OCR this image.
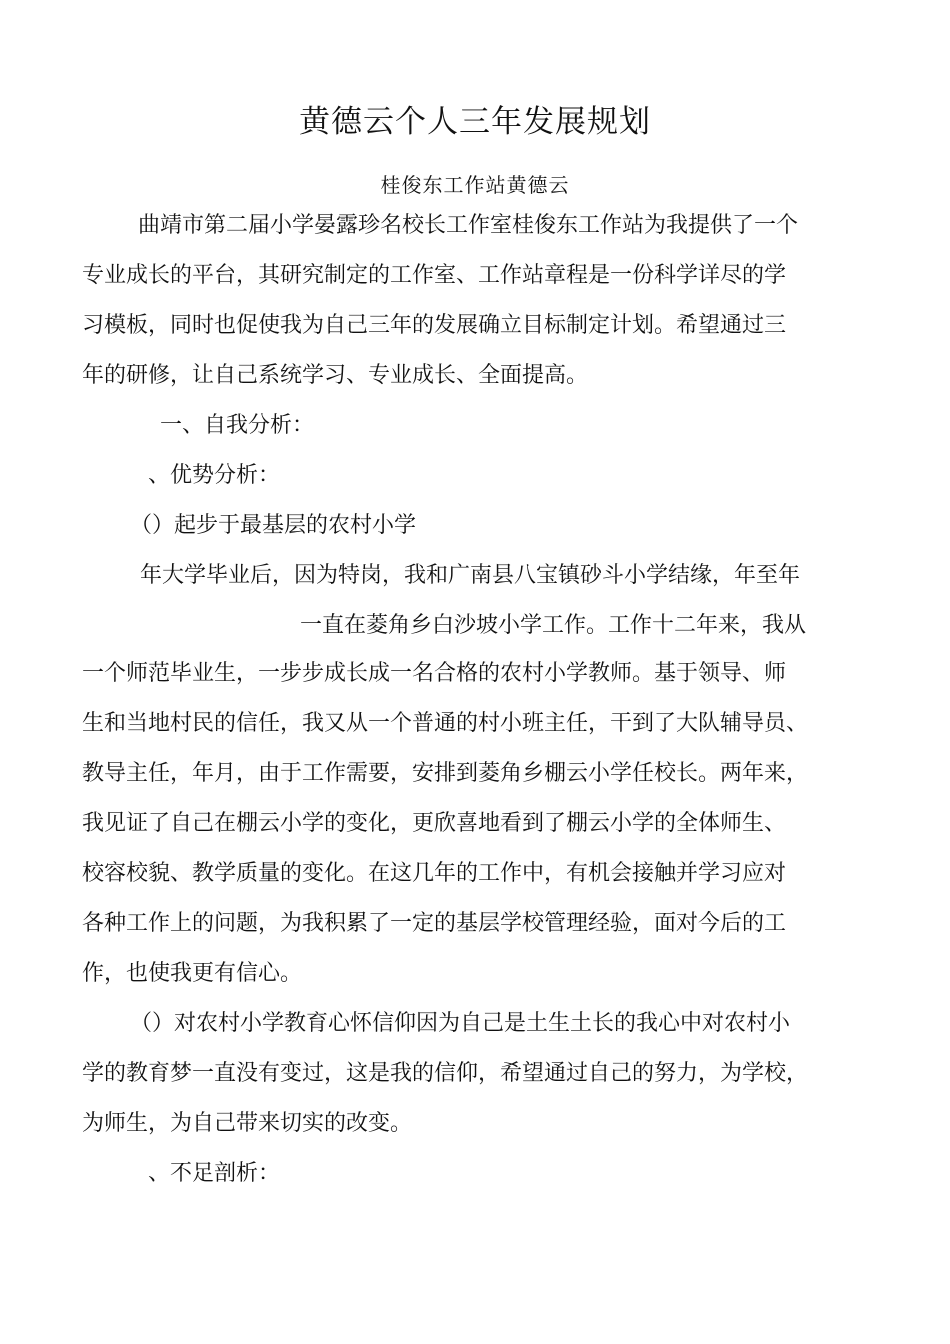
黄德云个人三年发展规划
桂俊东工作站黄德云
曲靖市第二届小学晏露珍名校长工作室桂俊东工作站为我提供了一个
专业成长的平台，其研究制定的工作室、工作站章程是一份科学详尽的学
习模板，同时也促使我为自己三年的发展确立目标制定计划。希望通过三
年的研修，让自己系统学习、专业成长、全面提高。
一、自我分析：
、优势分析：
（）起步于最基层的农村小学
年大学毕业后，因为特岗，我和广南县八宝镇砂斗小学结缘，年至年
一直在菱角乡白沙坡小学工作。工作十二年来，我从
一个师范毕业生，一步步成长成一名合格的农村小学教师。基于领导、师
生和当地村民的信任，我又从一个普通的村小班主任，干到了大队辅导员、
教导主任，年月，由于工作需要，安排到菱角乡棚云小学任校长。两年来，
我见证了自己在棚云小学的变化，更欣喜地看到了棚云小学的全体师生、
校容校貌、教学质量的变化。在这几年的工作中，有机会接触并学习应对
各种工作上的问题，为我积累了一定的基层学校管理经验，面对今后的工
作，也使我更有信心。
（）对农村小学教育心怀信仰因为自己是土生土长的我心中对农村小
学的教育梦一直没有变过，这是我的信仰，希望通过自己的努力，为学校，
为师生，为自己带来切实的改变。
、不足剖析：
